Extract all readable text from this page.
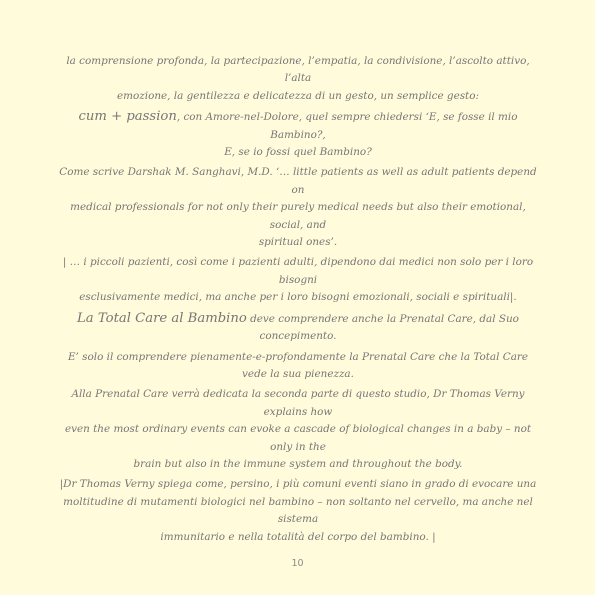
la comprensione profonda, la partecipazione, l’empatia, la condivisione, l’ascolto attivo, l’alta
emozione, la gentilezza e delicatezza di un gesto, un semplice gesto:

cum + passion, con Amore-nel-Dolore, quel sempre chiedersi ‘E, se fosse il mio Bambino?,
E, se io fossi quel Bambino?

Come scrive Darshak M. Sanghavi, M.D. ‘… little patients as well as adult patients depend on
medical professionals for not only their purely medical needs but also their emotional, social, and
spiritual ones’.

| … i piccoli pazienti, così come i pazienti adulti, dipendono dai medici non solo per i loro bisogni
esclusivamente medici, ma anche per i loro bisogni emozionali, sociali e spirituali|.

La Total Care al Bambino deve comprendere anche la Prenatal Care, dal Suo concepimento.

E’ solo il comprendere pienamente-e-profondamente la Prenatal Care che la Total Care
vede la sua pienezza.

Alla Prenatal Care verrà dedicata la seconda parte di questo studio, Dr Thomas Verny explains how
even the most ordinary events can evoke a cascade of biological changes in a baby – not only in the
brain but also in the immune system and throughout the body.

|Dr Thomas Verny spiega come, persino, i più comuni eventi siano in grado di evocare una
moltitudine di mutamenti biologici nel bambino – non soltanto nel cervello, ma anche nel sistema
immunitario e nella totalità del corpo del bambino. |

10
